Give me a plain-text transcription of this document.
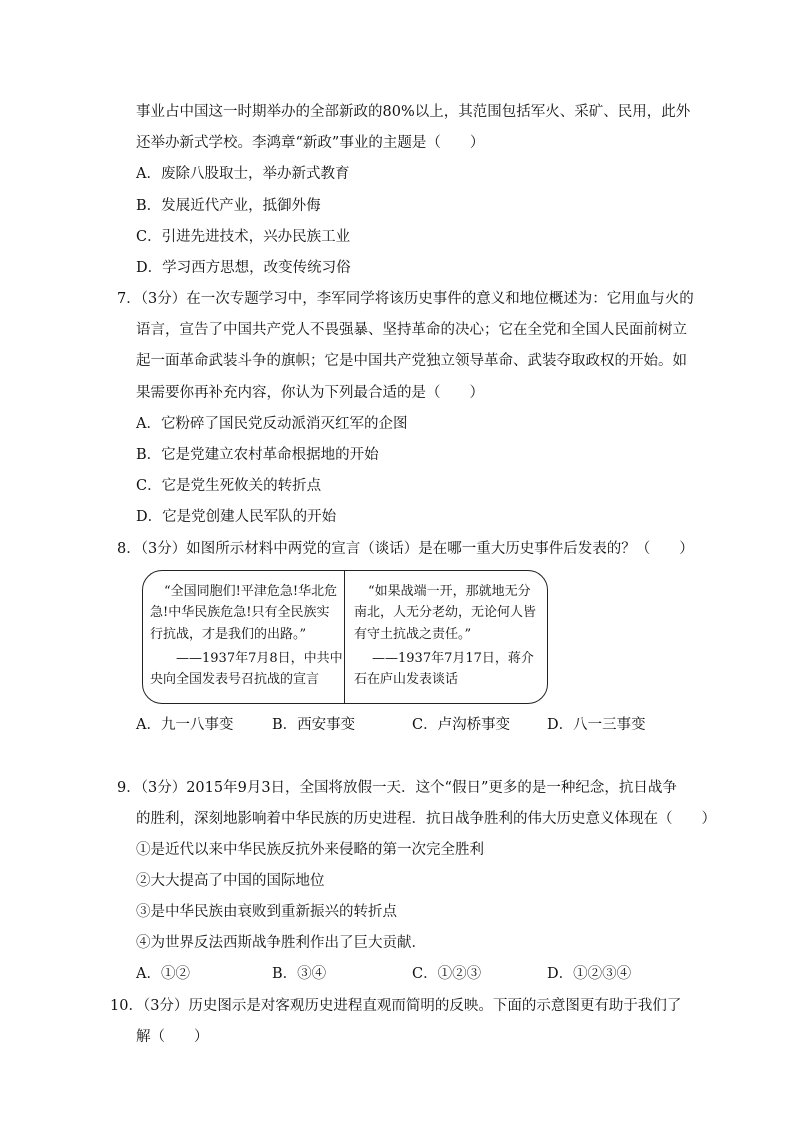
事业占中国这一时期举办的全部新政的80%以上，其范围包括军火、采矿、民用，此外
还举办新式学校。李鸿章“新政”事业的主题是（　　）
A．废除八股取士，举办新式教育
B．发展近代产业，抵御外侮
C．引进先进技术，兴办民族工业
D．学习西方思想，改变传统习俗
7．（3分）在一次专题学习中，李军同学将该历史事件的意义和地位概述为：它用血与火的
语言，宣告了中国共产党人不畏强暴、坚持革命的决心；它在全党和全国人民面前树立
起一面革命武装斗争的旗帜；它是中国共产党独立领导革命、武装夺取政权的开始。如
果需要你再补充内容，你认为下列最合适的是（　　）
A．它粉碎了国民党反动派消灭红军的企图
B．它是党建立农村革命根据地的开始
C．它是党生死攸关的转折点
D．它是党创建人民军队的开始
8．（3分）如图所示材料中两党的宣言（谈话）是在哪一重大历史事件后发表的？（　　）
“全国同胞们!平津危急!华北危
急!中华民族危急!只有全民族实
行抗战，才是我们的出路。”
——1937年7月8日，中共中
央向全国发表号召抗战的宣言
“如果战端一开，那就地无分
南北，人无分老幼，无论何人皆
有守土抗战之责任。”
——1937年7月17日，蒋介
石在庐山发表谈话
A．九一八事变	B．西安事变	C．卢沟桥事变	D．八一三事变
9．（3分）2015年9月3日，全国将放假一天．这个“假日”更多的是一种纪念，抗日战争
的胜利，深刻地影响着中华民族的历史进程．抗日战争胜利的伟大历史意义体现在（　　）
①是近代以来中华民族反抗外来侵略的第一次完全胜利
②大大提高了中国的国际地位
③是中华民族由衰败到重新振兴的转折点
④为世界反法西斯战争胜利作出了巨大贡献．
A．①②	B．③④	C．①②③	D．①②③④
10．（3分）历史图示是对客观历史进程直观而简明的反映。下面的示意图更有助于我们了
解（　　）
